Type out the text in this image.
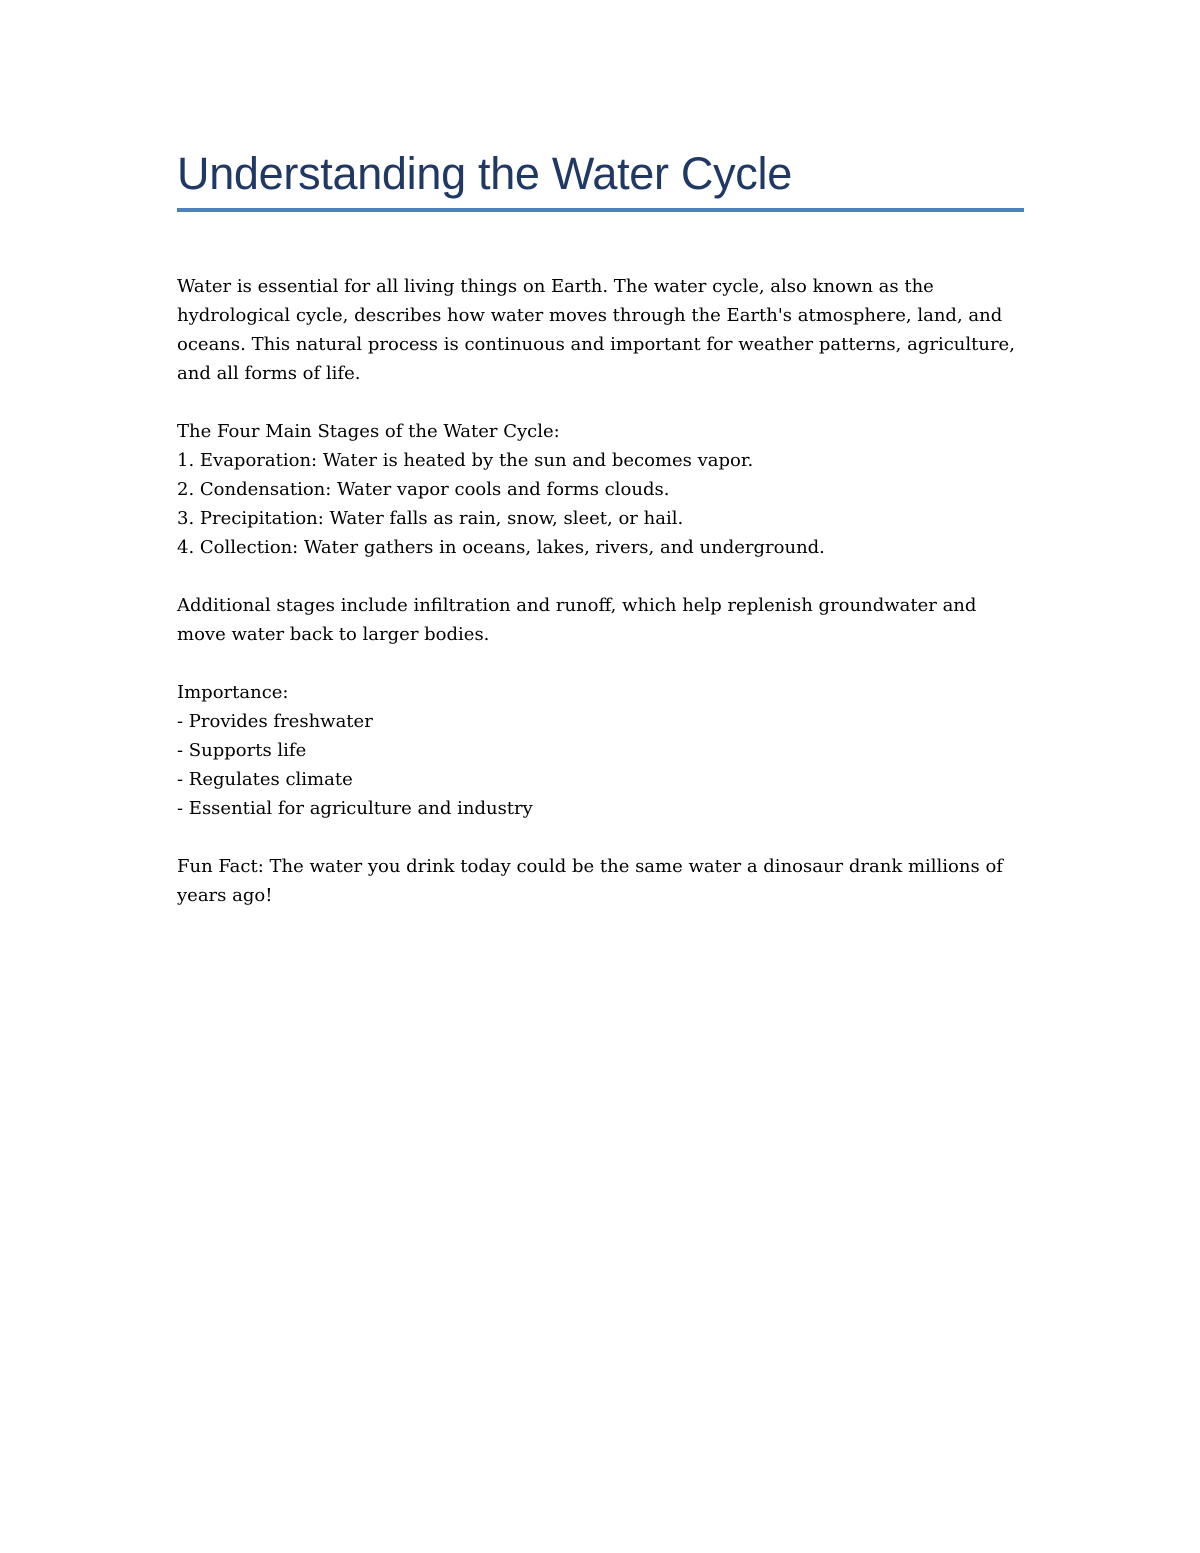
Understanding the Water Cycle

Water is essential for all living things on Earth. The water cycle, also known as the hydrological cycle, describes how water moves through the Earth's atmosphere, land, and oceans. This natural process is continuous and important for weather patterns, agriculture, and all forms of life.

The Four Main Stages of the Water Cycle:

1. Evaporation: Water is heated by the sun and becomes vapor.

2. Condensation: Water vapor cools and forms clouds.

3. Precipitation: Water falls as rain, snow, sleet, or hail.

4. Collection: Water gathers in oceans, lakes, rivers, and underground.

Additional stages include infiltration and runoff, which help replenish groundwater and move water back to larger bodies.

Importance:

- Provides freshwater

- Supports life

- Regulates climate

- Essential for agriculture and industry

Fun Fact: The water you drink today could be the same water a dinosaur drank millions of years ago!
